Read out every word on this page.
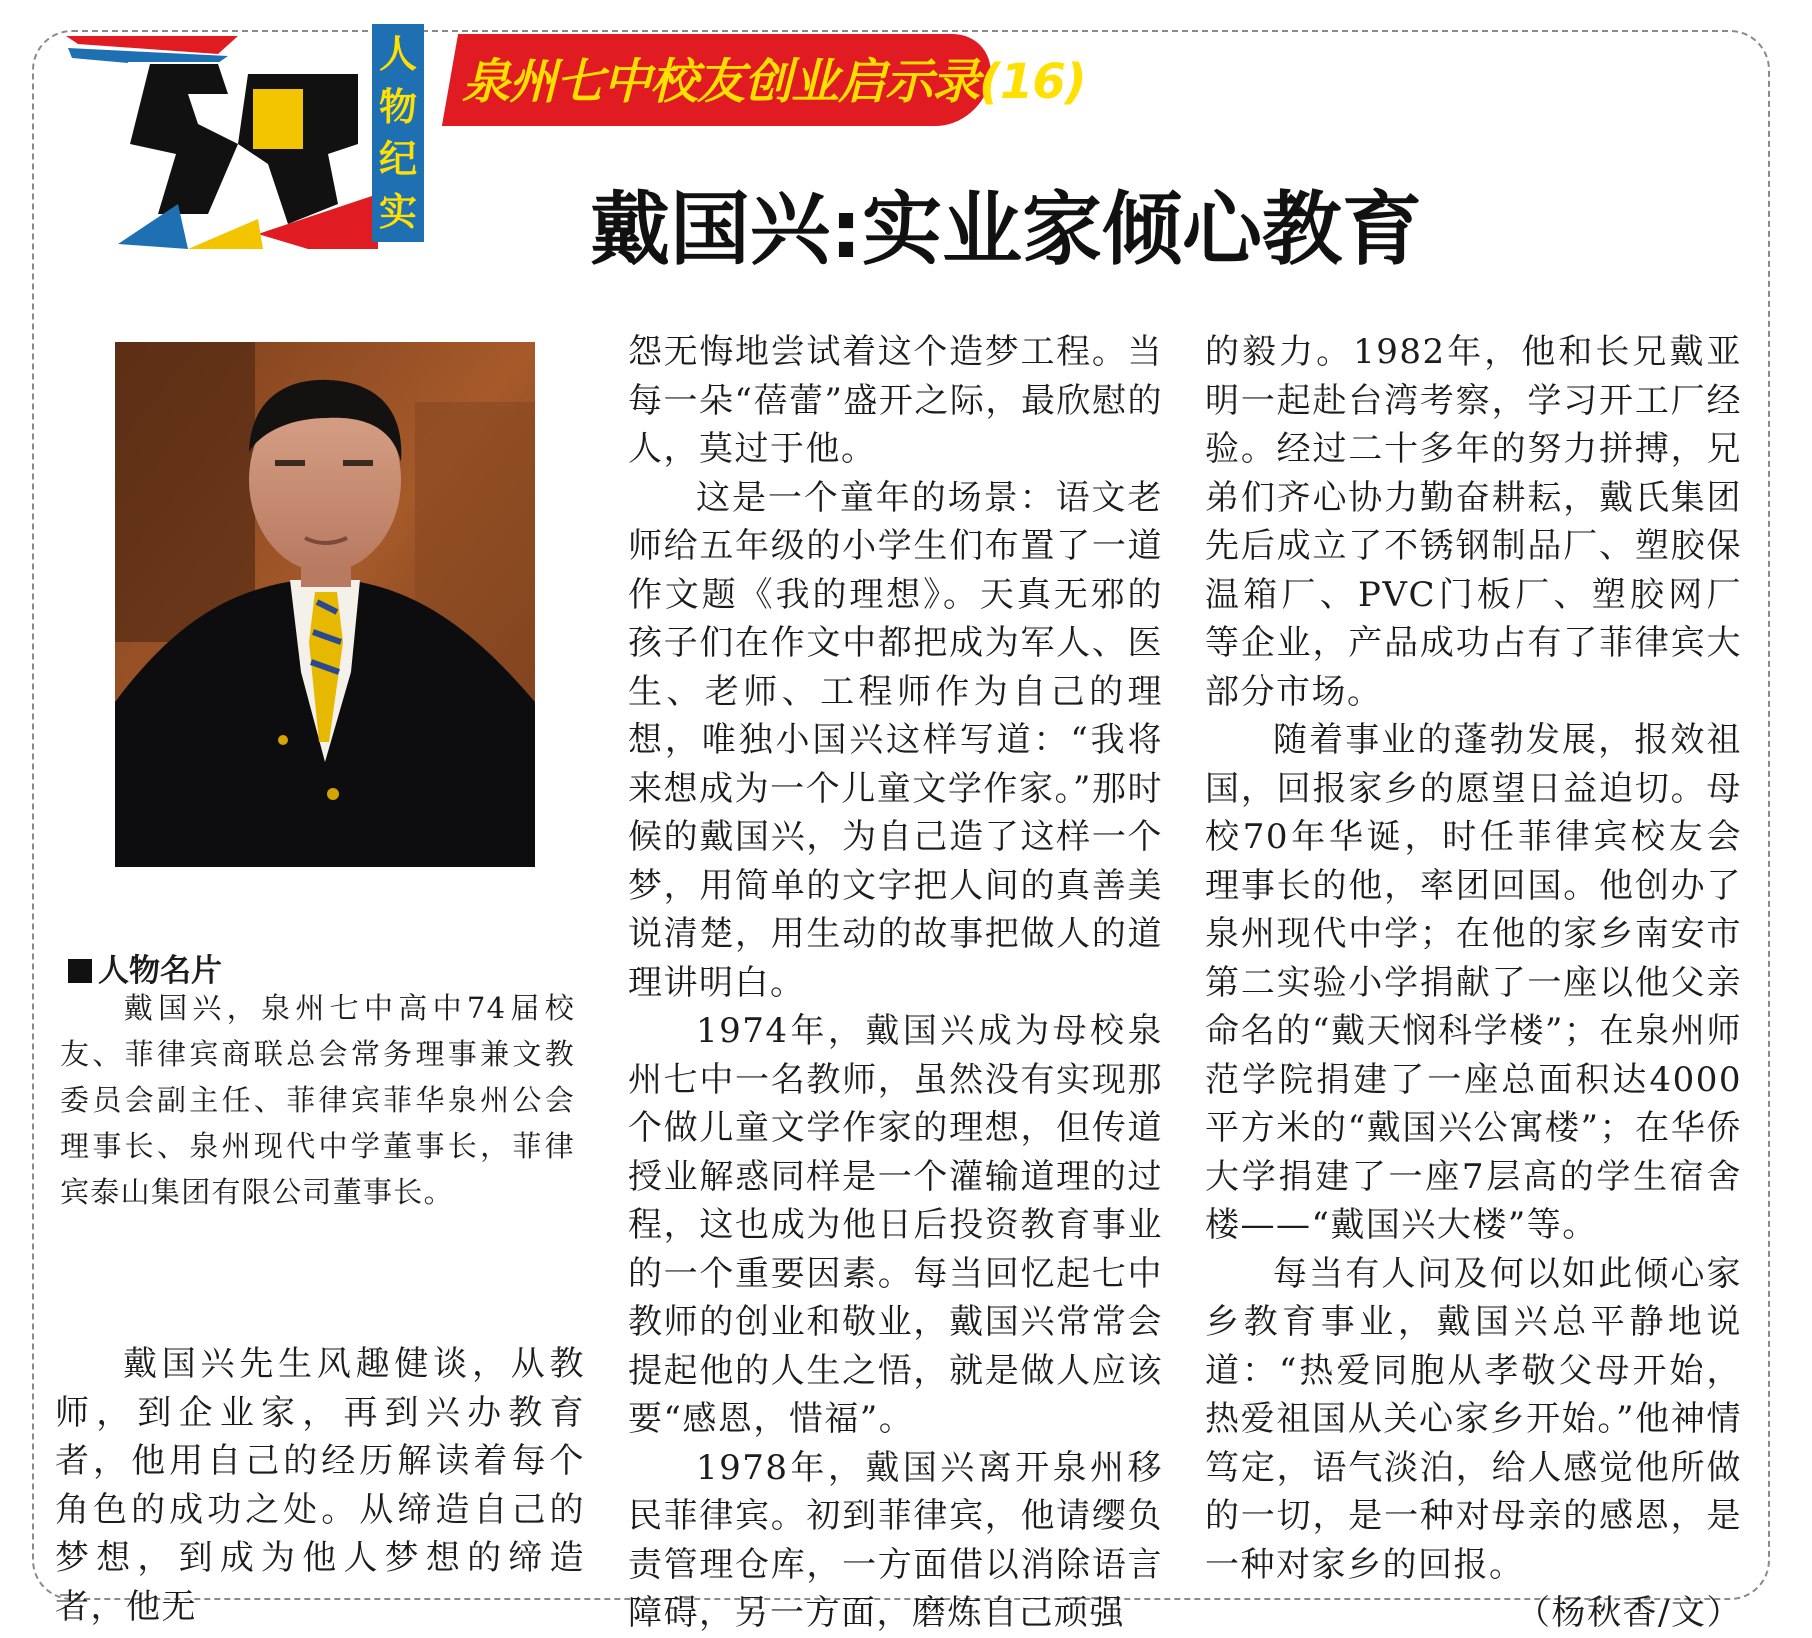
人
物
纪
实
泉州七中校友创业启示录(16)
戴国兴:实业家倾心教育
人物名片

戴国兴，泉州七中高中74届校友、菲律宾商联总会常务理事兼文教委员会副主任、菲律宾菲华泉州公会理事长、泉州现代中学董事长，菲律宾泰山集团有限公司董事长。

戴国兴先生风趣健谈，从教师，到企业家，再到兴办教育者，他用自己的经历解读着每个角色的成功之处。从缔造自己的梦想，到成为他人梦想的缔造者，他无

怨无悔地尝试着这个造梦工程。当每一朵“蓓蕾”盛开之际，最欣慰的人，莫过于他。

这是一个童年的场景：语文老师给五年级的小学生们布置了一道作文题《我的理想》。天真无邪的孩子们在作文中都把成为军人、医生、老师、工程师作为自己的理想，唯独小国兴这样写道：“我将来想成为一个儿童文学作家。”那时候的戴国兴，为自己造了这样一个梦，用简单的文字把人间的真善美说清楚，用生动的故事把做人的道理讲明白。

1974年，戴国兴成为母校泉州七中一名教师，虽然没有实现那个做儿童文学作家的理想，但传道授业解惑同样是一个灌输道理的过程，这也成为他日后投资教育事业的一个重要因素。每当回忆起七中教师的创业和敬业，戴国兴常常会提起他的人生之悟，就是做人应该要“感恩，惜福”。

1978年，戴国兴离开泉州移民菲律宾。初到菲律宾，他请缨负责管理仓库，一方面借以消除语言障碍，另一方面，磨炼自己顽强

的毅力。1982年，他和长兄戴亚明一起赴台湾考察，学习开工厂经验。经过二十多年的努力拼搏，兄弟们齐心协力勤奋耕耘，戴氏集团先后成立了不锈钢制品厂、塑胶保温箱厂、PVC门板厂、塑胶网厂等企业，产品成功占有了菲律宾大部分市场。

随着事业的蓬勃发展，报效祖国，回报家乡的愿望日益迫切。母校70年华诞，时任菲律宾校友会理事长的他，率团回国。他创办了泉州现代中学；在他的家乡南安市第二实验小学捐献了一座以他父亲命名的“戴天悯科学楼”；在泉州师范学院捐建了一座总面积达4000平方米的“戴国兴公寓楼”；在华侨大学捐建了一座7层高的学生宿舍楼——“戴国兴大楼”等。

每当有人问及何以如此倾心家乡教育事业，戴国兴总平静地说道：“热爱同胞从孝敬父母开始，热爱祖国从关心家乡开始。”他神情笃定，语气淡泊，给人感觉他所做的一切，是一种对母亲的感恩，是一种对家乡的回报。

（杨秋香/文）
